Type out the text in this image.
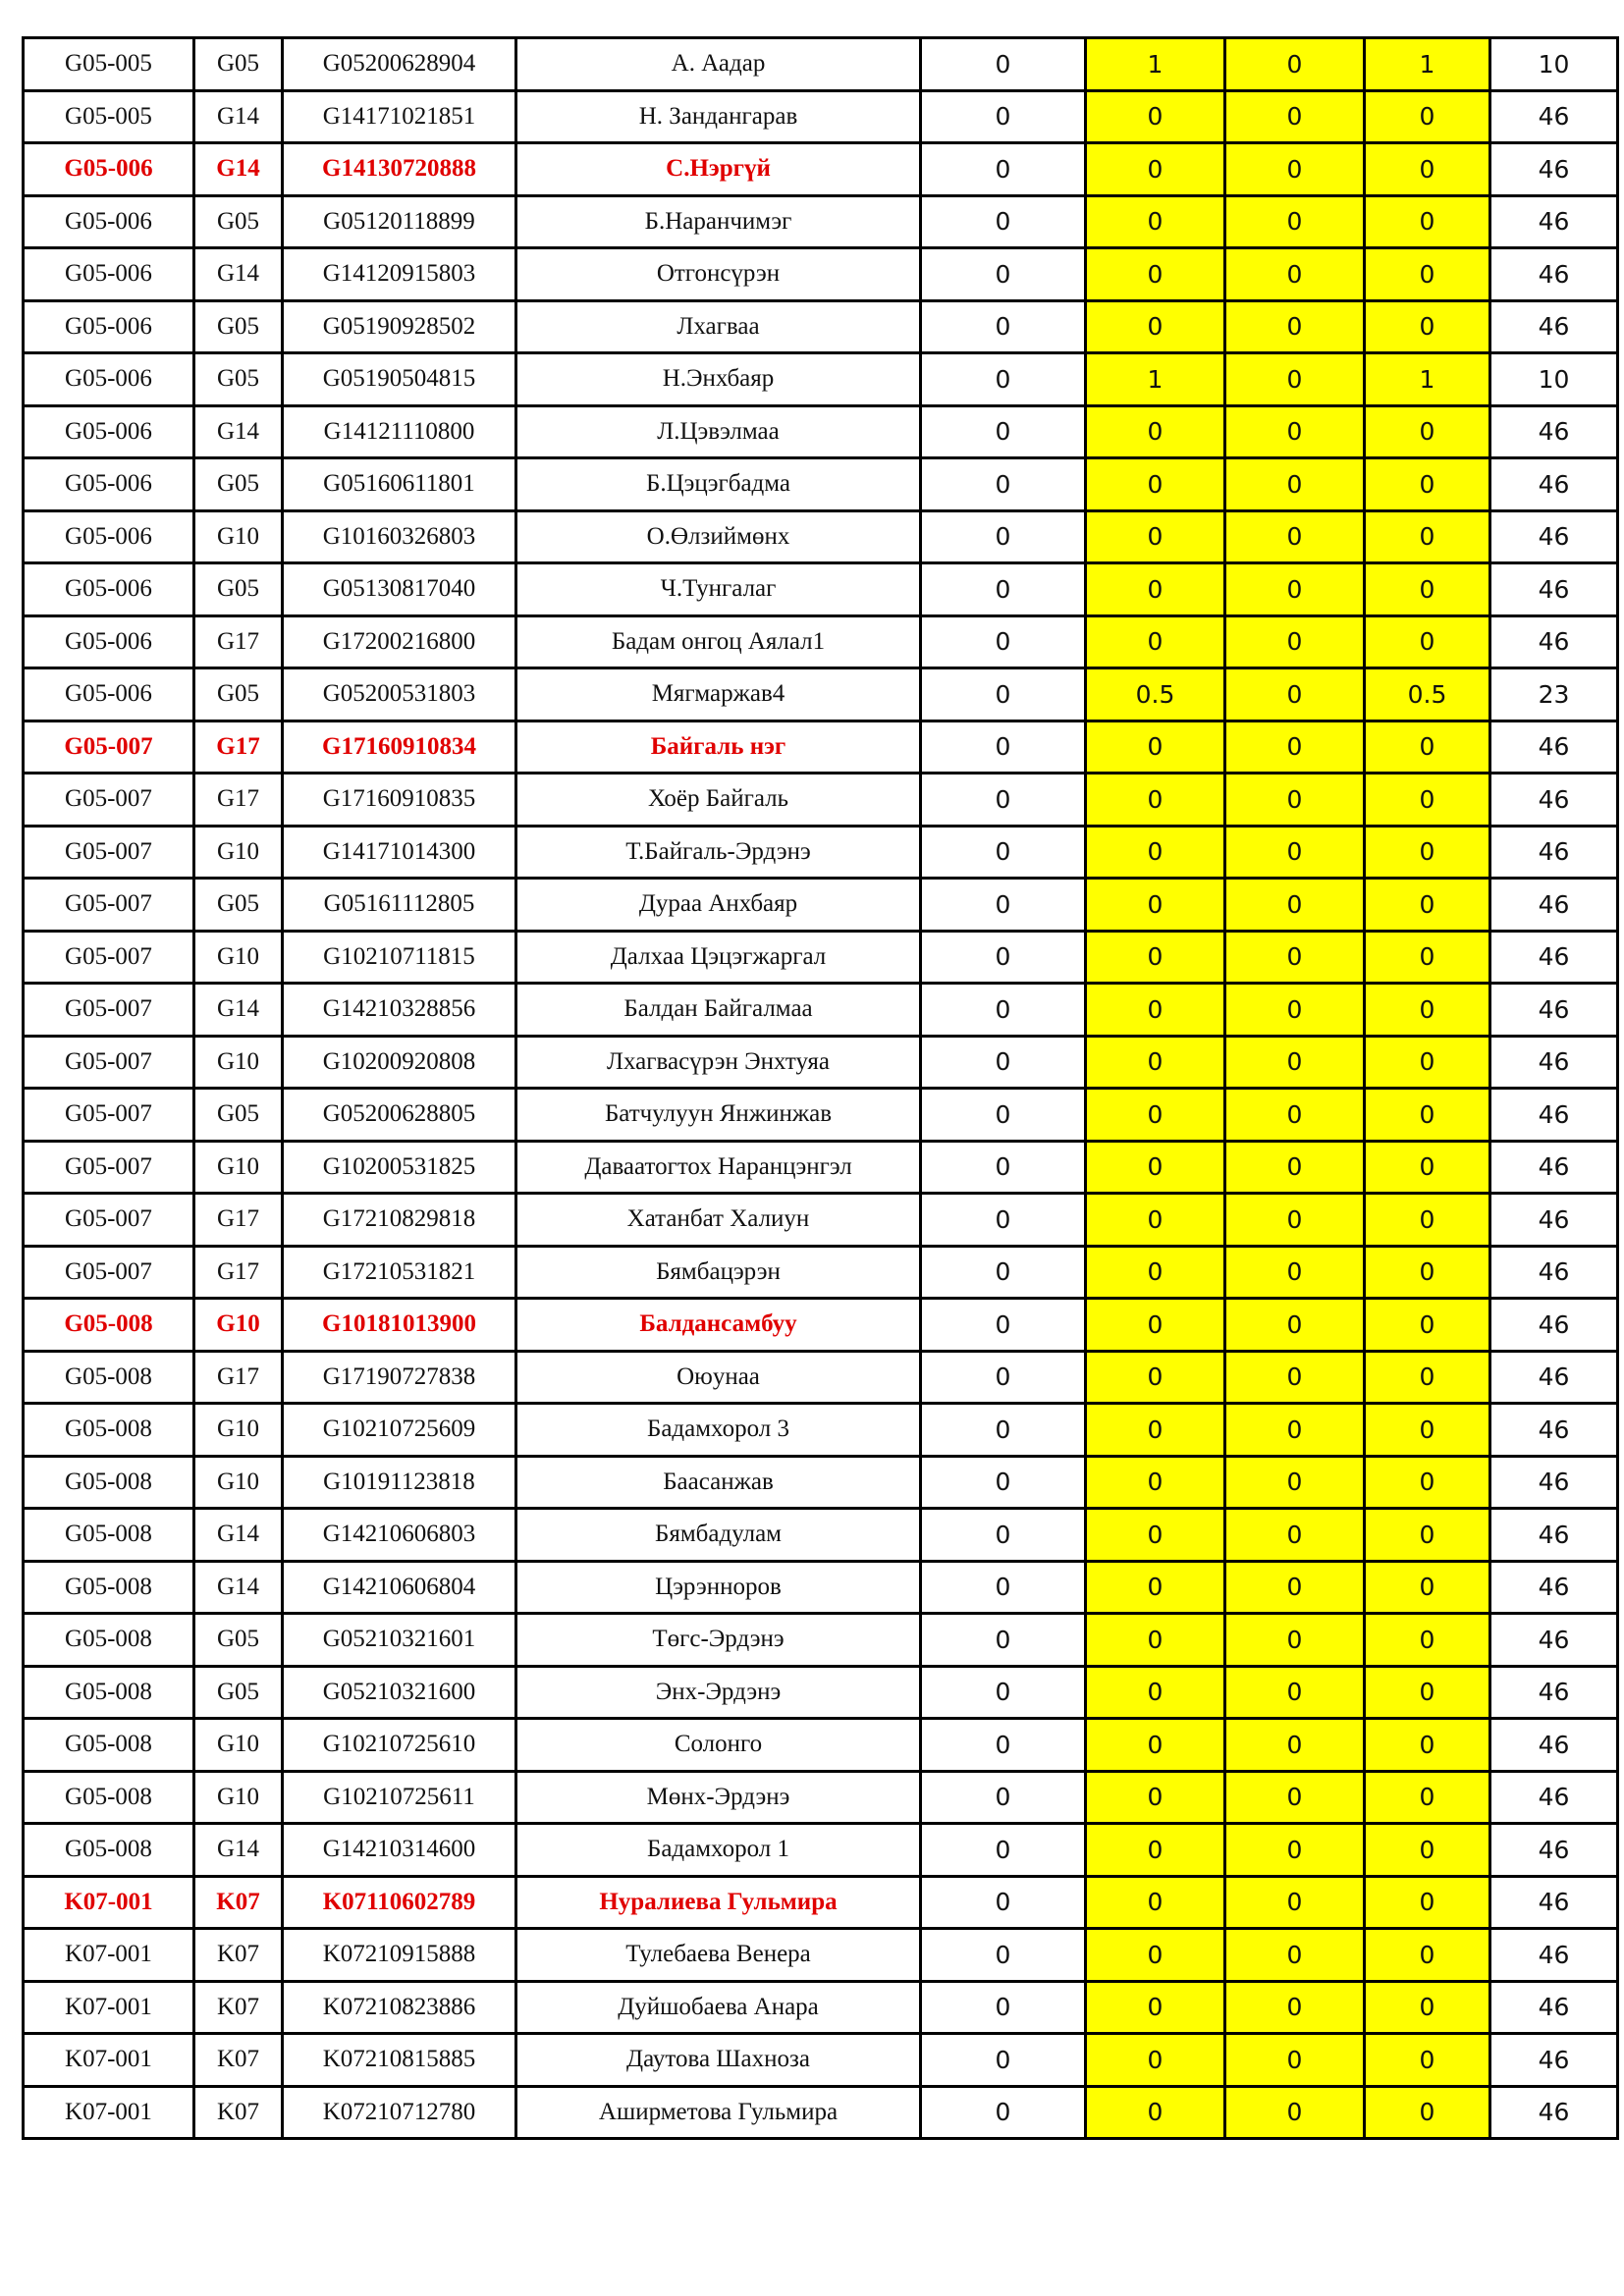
G05-005	G05	G05200628904	А. Аадар	0	1	0	1	10
G05-005	G14	G14171021851	Н. Зандангарав	0	0	0	0	46
G05-006	G14	G14130720888	С.Нэргүй	0	0	0	0	46
G05-006	G05	G05120118899	Б.Наранчимэг	0	0	0	0	46
G05-006	G14	G14120915803	Отгонсүрэн	0	0	0	0	46
G05-006	G05	G05190928502	Лхагваа	0	0	0	0	46
G05-006	G05	G05190504815	Н.Энхбаяр	0	1	0	1	10
G05-006	G14	G14121110800	Л.Цэвэлмаа	0	0	0	0	46
G05-006	G05	G05160611801	Б.Цэцэгбадма	0	0	0	0	46
G05-006	G10	G10160326803	О.Өлзиймөнх	0	0	0	0	46
G05-006	G05	G05130817040	Ч.Тунгалаг	0	0	0	0	46
G05-006	G17	G17200216800	Бадам онгоц Аялал1	0	0	0	0	46
G05-006	G05	G05200531803	Мягмаржав4	0	0.5	0	0.5	23
G05-007	G17	G17160910834	Байгаль нэг	0	0	0	0	46
G05-007	G17	G17160910835	Хоёр Байгаль	0	0	0	0	46
G05-007	G10	G14171014300	Т.Байгаль-Эрдэнэ	0	0	0	0	46
G05-007	G05	G05161112805	Дураа Анхбаяр	0	0	0	0	46
G05-007	G10	G10210711815	Далхаа Цэцэгжаргал	0	0	0	0	46
G05-007	G14	G14210328856	Балдан Байгалмаа	0	0	0	0	46
G05-007	G10	G10200920808	Лхагвасүрэн Энхтуяа	0	0	0	0	46
G05-007	G05	G05200628805	Батчулуун Янжинжав	0	0	0	0	46
G05-007	G10	G10200531825	Даваатогтох Наранцэнгэл	0	0	0	0	46
G05-007	G17	G17210829818	Хатанбат Халиун	0	0	0	0	46
G05-007	G17	G17210531821	Бямбацэрэн	0	0	0	0	46
G05-008	G10	G10181013900	Балдансамбуу	0	0	0	0	46
G05-008	G17	G17190727838	Оюунаа	0	0	0	0	46
G05-008	G10	G10210725609	Бадамхорол 3	0	0	0	0	46
G05-008	G10	G10191123818	Баасанжав	0	0	0	0	46
G05-008	G14	G14210606803	Бямбадулам	0	0	0	0	46
G05-008	G14	G14210606804	Цэрэнноров	0	0	0	0	46
G05-008	G05	G05210321601	Төгс-Эрдэнэ	0	0	0	0	46
G05-008	G05	G05210321600	Энх-Эрдэнэ	0	0	0	0	46
G05-008	G10	G10210725610	Солонго	0	0	0	0	46
G05-008	G10	G10210725611	Мөнх-Эрдэнэ	0	0	0	0	46
G05-008	G14	G14210314600	Бадамхорол 1	0	0	0	0	46
K07-001	K07	K07110602789	Нуралиева Гульмира	0	0	0	0	46
K07-001	K07	K07210915888	Тулебаева Венера	0	0	0	0	46
K07-001	K07	K07210823886	Дуйшобаева Анара	0	0	0	0	46
K07-001	K07	K07210815885	Даутова Шахноза	0	0	0	0	46
K07-001	K07	K07210712780	Аширметова Гульмира	0	0	0	0	46
